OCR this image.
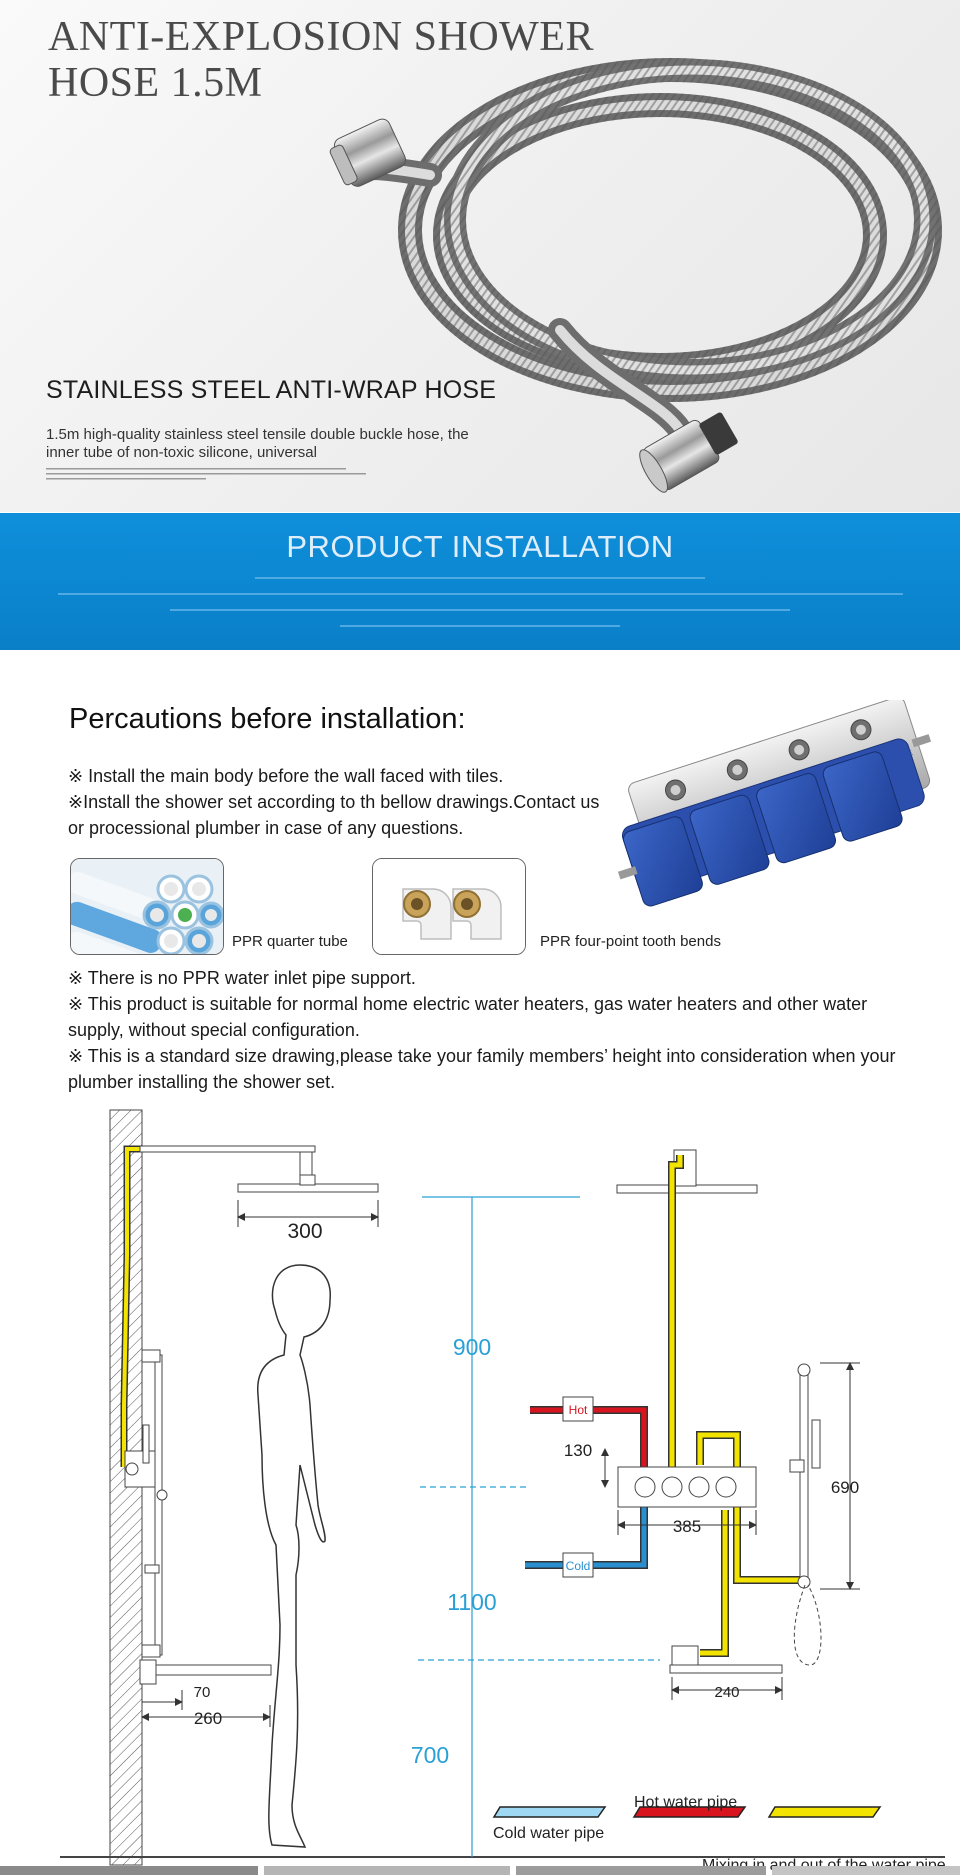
ANTI-EXPLOSION SHOWER HOSE 1.5M
STAINLESS STEEL ANTI-WRAP HOSE
1.5m high-quality stainless steel tensile double buckle hose, the inner tube of non-toxic silicone, universal
PRODUCT INSTALLATION
Percautions before installation:
※ Install the main body before the wall faced with tiles.
※Install the shower set according to th bellow drawings.Contact us or processional plumber in case of any questions.
PPR quarter tube	PPR four-point tooth bends
MODE
※ There is no PPR water inlet pipe support.
※ This product is suitable for normal home electric water heaters, gas water heaters and other water supply, without special configuration.
※ This is a standard size drawing,please take your family members’ height into consideration when your plumber installing the shower set.
300
70
260
900
1100
700
Hot
Cold
130
385
690
240
Cold water pipe
Hot water pipe
